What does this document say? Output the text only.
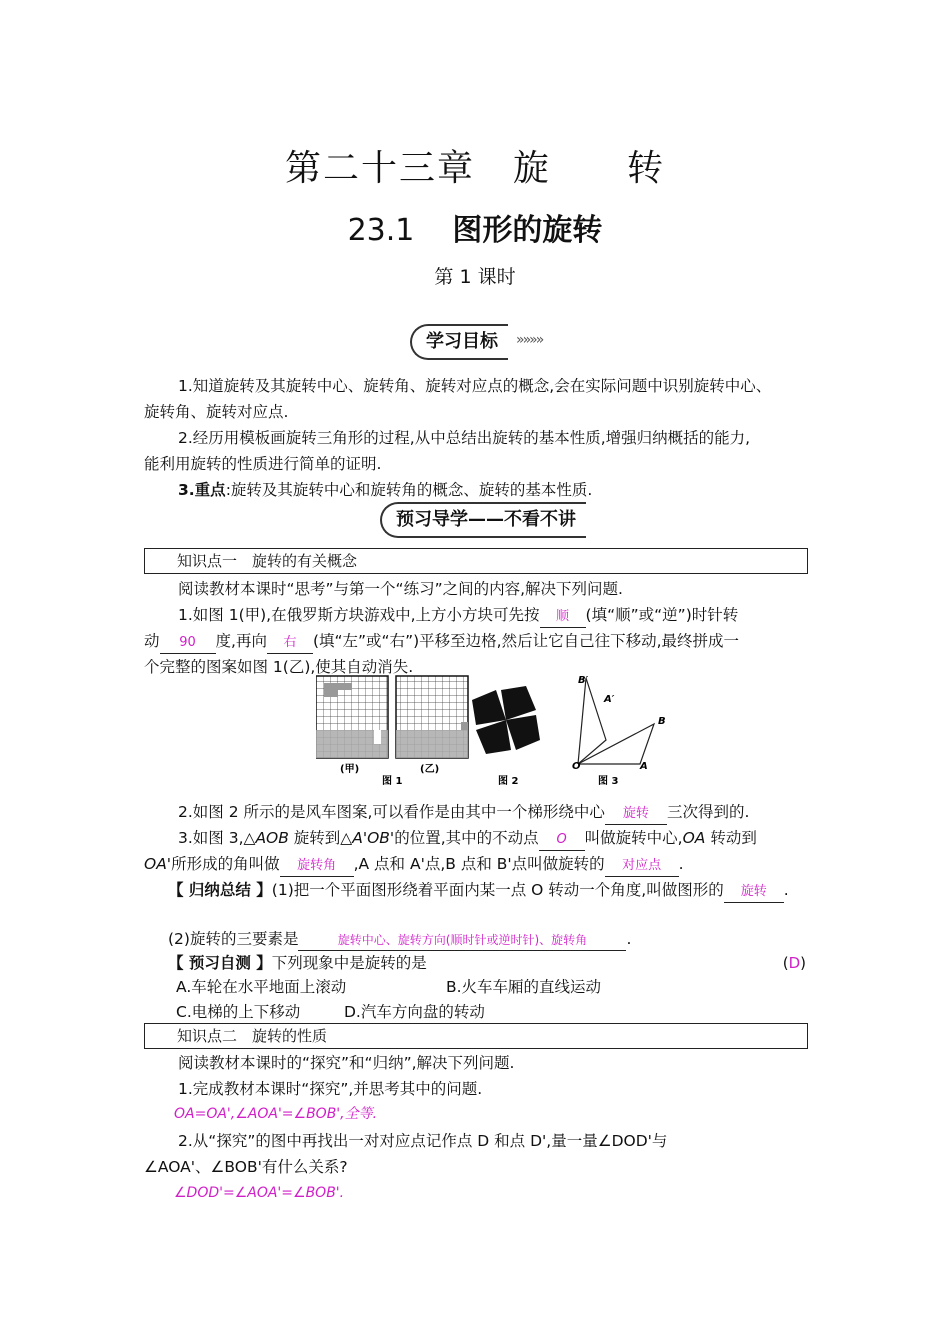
第二十三章　旋　　转
23.1 图形的旋转
第 1 课时
学习目标	»»»»
1.知道旋转及其旋转中心、旋转角、旋转对应点的概念,会在实际问题中识别旋转中心、
旋转角、旋转对应点.
2.经历用模板画旋转三角形的过程,从中总结出旋转的基本性质,增强归纳概括的能力,
能利用旋转的性质进行简单的证明.
3.重点:旋转及其旋转中心和旋转角的概念、旋转的基本性质.
预习导学——不看不讲
知识点一　旋转的有关概念
阅读教材本课时“思考”与第一个“练习”之间的内容,解决下列问题.
1.如图 1(甲),在俄罗斯方块游戏中,上方小方块可先按 顺 (填“顺”或“逆”)时针转
动 90 度,再向 右 (填“左”或“右”)平移至边格,然后让它自己往下移动,最终拼成一
个完整的图案如图 1(乙),使其自动消失.
B′
A′
B
O	A
(甲)
图 1
(乙)
图 2	图 3
2.如图 2 所示的是风车图案,可以看作是由其中一个梯形绕中心 旋转 三次得到的.
3.如图 3,△AOB 旋转到△A'OB'的位置,其中的不动点 O 叫做旋转中心,OA 转动到
OA'所形成的角叫做 旋转角 ,A 点和 A'点,B 点和 B'点叫做旋转的 对应点 .
【 归纳总结 】(1)把一个平面图形绕着平面内某一点 O 转动一个角度,叫做图形的 旋转 .
(2)旋转的三要素是	旋转中心、旋转方向(顺时针或逆时针)、旋转角	.
【 预习自测 】下列现象中是旋转的是	(D)
A.车轮在水平地面上滚动	B.火车车厢的直线运动
C.电梯的上下移动	D.汽车方向盘的转动
知识点二　旋转的性质
阅读教材本课时的“探究”和“归纳”,解决下列问题.
1.完成教材本课时“探究”,并思考其中的问题.
OA=OA',∠AOA'=∠BOB',全等.
2.从“探究”的图中再找出一对对应点记作点 D 和点 D',量一量∠DOD'与
∠AOA'、∠BOB'有什么关系?
∠DOD'=∠AOA'=∠BOB'.
